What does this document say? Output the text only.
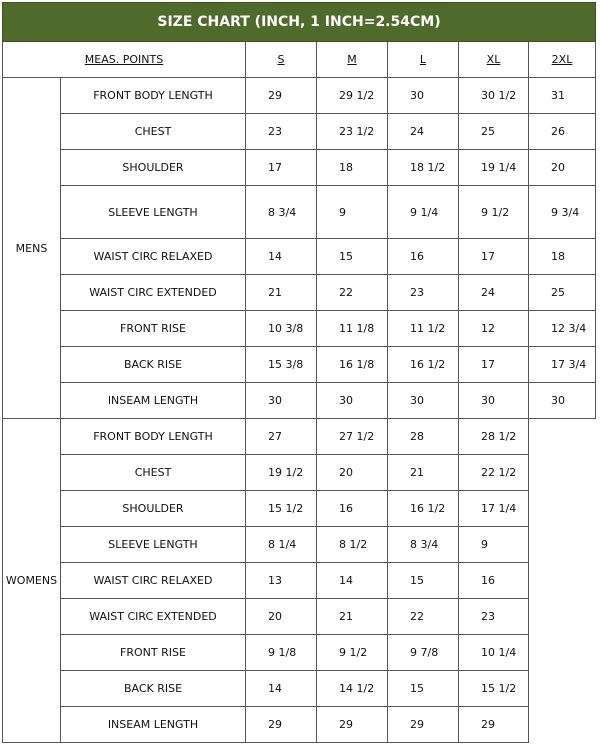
SIZE CHART (INCH, 1 INCH=2.54CM)						
MEAS. POINTS		S	M	L	XL	2XL
MENS	FRONT BODY LENGTH	29	29 1/2	30	30 1/2	31
	CHEST	23	23 1/2	24	25	26
	SHOULDER	17	18	18 1/2	19 1/4	20
	SLEEVE LENGTH	8 3/4	9	9 1/4	9 1/2	9 3/4
	WAIST CIRC RELAXED	14	15	16	17	18
	WAIST CIRC EXTENDED	21	22	23	24	25
	FRONT RISE	10 3/8	11 1/8	11 1/2	12	12 3/4
	BACK RISE	15 3/8	16 1/8	16 1/2	17	17 3/4
	INSEAM LENGTH	30	30	30	30	30
WOMENS	FRONT BODY LENGTH	27	27 1/2	28	28 1/2	
	CHEST	19 1/2	20	21	22 1/2	
	SHOULDER	15 1/2	16	16 1/2	17 1/4	
	SLEEVE LENGTH	8 1/4	8 1/2	8 3/4	9	
	WAIST CIRC RELAXED	13	14	15	16	
	WAIST CIRC EXTENDED	20	21	22	23	
	FRONT RISE	9 1/8	9 1/2	9 7/8	10 1/4	
	BACK RISE	14	14 1/2	15	15 1/2	
	INSEAM LENGTH	29	29	29	29	
